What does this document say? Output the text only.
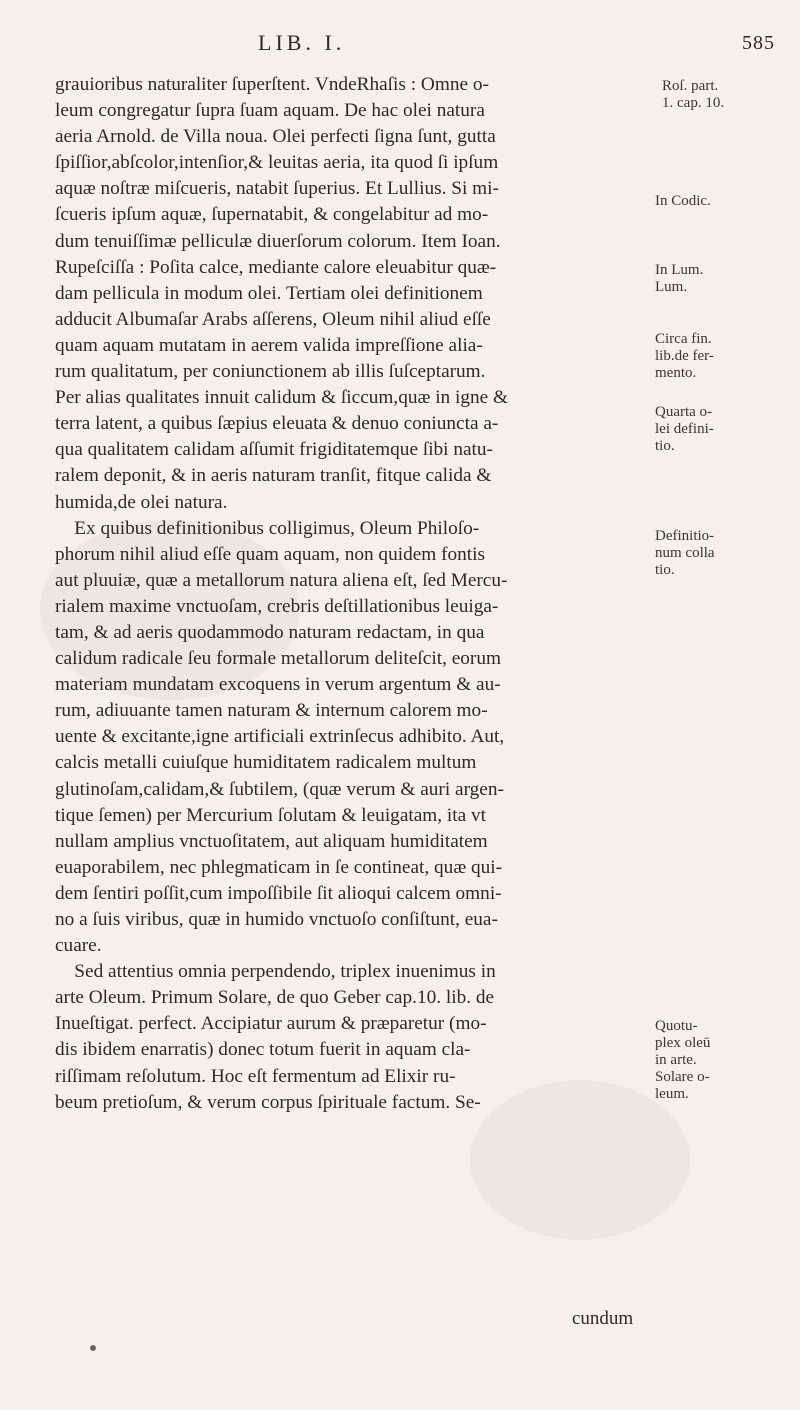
LIB. I.	585
grauioribus naturaliter ſuperſtent. VndeRhaſis : Omne o-
leum congregatur ſupra ſuam aquam. De hac olei natura
aeria Arnold. de Villa noua. Olei perfecti ſigna ſunt, gutta
ſpiſſior,abſcolor,intenſior,& leuitas aeria, ita quod ſi ipſum
aquæ noſtræ miſcueris, natabit ſuperius. Et Lullius. Si mi-
ſcueris ipſum aquæ, ſupernatabit, & congelabitur ad mo-
dum tenuiſſimæ pelliculæ diuerſorum colorum. Item Ioan.
Rupeſciſſa : Poſita calce, mediante calore eleuabitur quæ-
dam pellicula in modum olei. Tertiam olei definitionem
adducit Albumaſar Arabs aſſerens, Oleum nihil aliud eſſe
quam aquam mutatam in aerem valida impreſſione alia-
rum qualitatum, per coniunctionem ab illis ſuſceptarum.
Per alias qualitates innuit calidum & ſiccum,quæ in igne &
terra latent, a quibus ſæpius eleuata & denuo coniuncta a-
qua qualitatem calidam aſſumit frigiditatemque ſibi natu-
ralem deponit, & in aeris naturam tranſit, fitque calida &
humida,de olei natura.
Ex quibus definitionibus colligimus, Oleum Philoſo-
phorum nihil aliud eſſe quam aquam, non quidem fontis
aut pluuiæ, quæ a metallorum natura aliena eſt, ſed Mercu-
rialem maxime vnctuoſam, crebris deſtillationibus leuiga-
tam, & ad aeris quodammodo naturam redactam, in qua
calidum radicale ſeu formale metallorum deliteſcit, eorum
materiam mundatam excoquens in verum argentum & au-
rum, adiuuante tamen naturam & internum calorem mo-
uente & excitante,igne artificiali extrinſecus adhibito. Aut,
calcis metalli cuiuſque humiditatem radicalem multum
glutinoſam,calidam,& ſubtilem, (quæ verum & auri argen-
tique ſemen) per Mercurium ſolutam & leuigatam, ita vt
nullam amplius vnctuoſitatem, aut aliquam humiditatem
euaporabilem, nec phlegmaticam in ſe contineat, quæ qui-
dem ſentiri poſſit,cum impoſſibile ſit alioqui calcem omni-
no a ſuis viribus, quæ in humido vnctuoſo conſiſtunt, eua-
cuare.
Sed attentius omnia perpendendo, triplex inuenimus in
arte Oleum. Primum Solare, de quo Geber cap.10. lib. de
Inueſtigat. perfect. Accipiatur aurum & præparetur (mo-
dis ibidem enarratis) donec totum fuerit in aquam cla-
riſſimam reſolutum. Hoc eſt fermentum ad Elixir ru-
beum pretioſum, & verum corpus ſpirituale factum. Se-
cundum
Roſ. part.
1. cap. 10.
In Codic.
In Lum.
Lum.
Circa fin.
lib.de fer-
mento.
Quarta o-
lei defini-
tio.
Definitio-
num colla
tio.
Quotu-
plex oleū
in arte.
Solare o-
leum.
